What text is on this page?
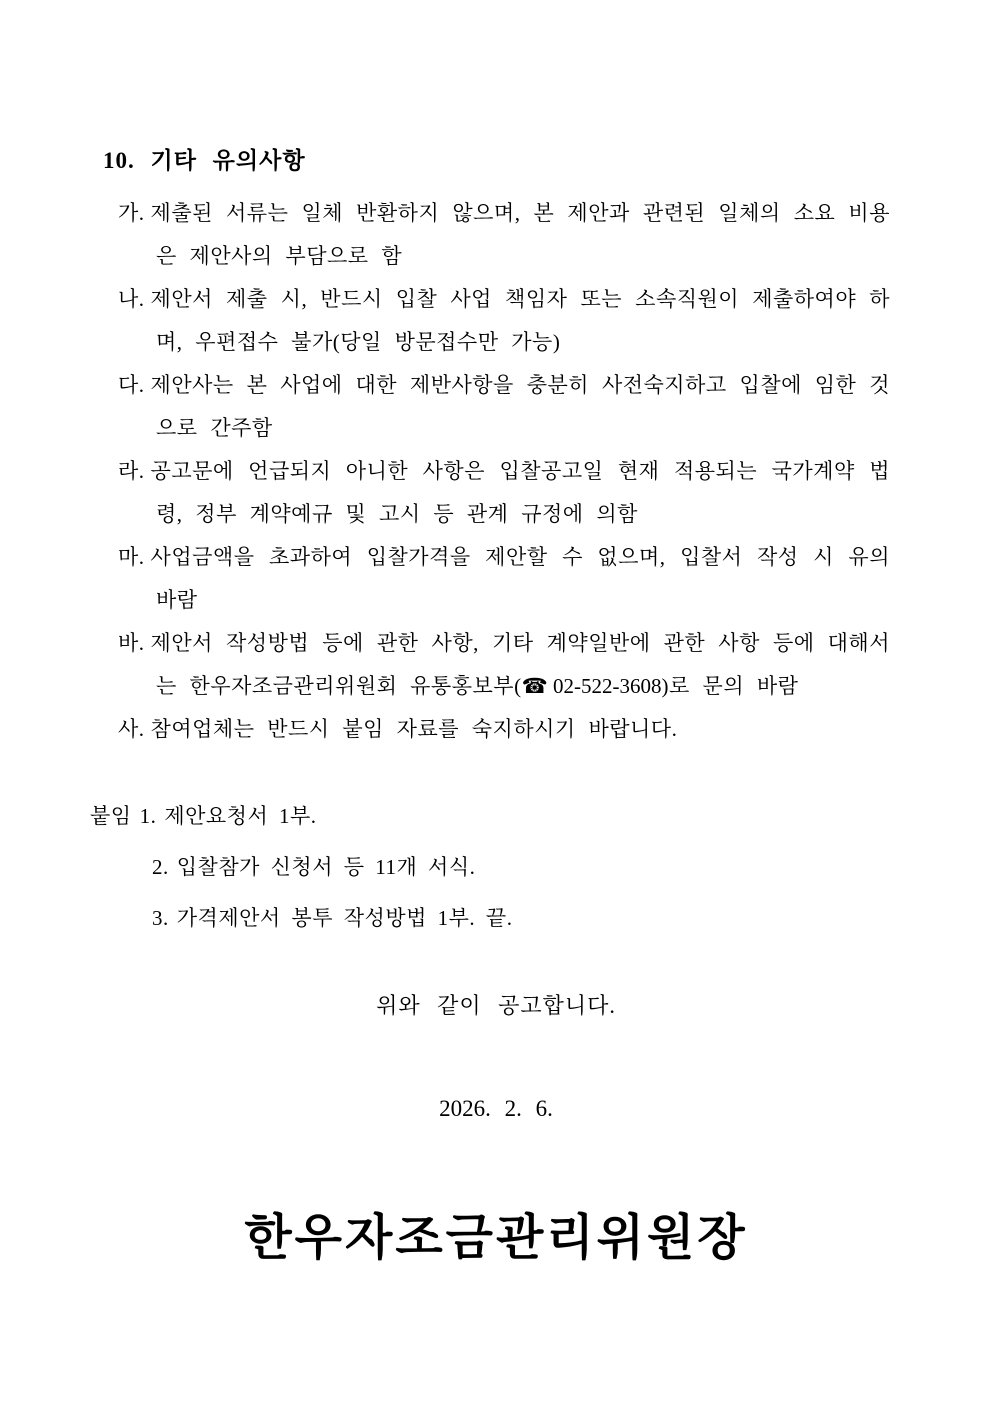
10. 기타 유의사항
가. 제출된 서류는 일체 반환하지 않으며, 본 제안과 관련된 일체의 소요 비용은 제안사의 부담으로 함
나. 제안서 제출 시, 반드시 입찰 사업 책임자 또는 소속직원이 제출하여야 하며, 우편접수 불가(당일 방문접수만 가능)
다. 제안사는 본 사업에 대한 제반사항을 충분히 사전숙지하고 입찰에 임한 것으로 간주함
라. 공고문에 언급되지 아니한 사항은 입찰공고일 현재 적용되는 국가계약 법령, 정부 계약예규 및 고시 등 관계 규정에 의함
마. 사업금액을 초과하여 입찰가격을 제안할 수 없으며, 입찰서 작성 시 유의 바람
바. 제안서 작성방법 등에 관한 사항, 기타 계약일반에 관한 사항 등에 대해서는 한우자조금관리위원회 유통홍보부(☎ 02-522-3608)로 문의 바람
사. 참여업체는 반드시 붙임 자료를 숙지하시기 바랍니다.
붙임 1. 제안요청서 1부.
2. 입찰참가 신청서 등 11개 서식.
3. 가격제안서 봉투 작성방법 1부. 끝.
위와 같이 공고합니다.
2026. 2. 6.
한우자조금관리위원장
